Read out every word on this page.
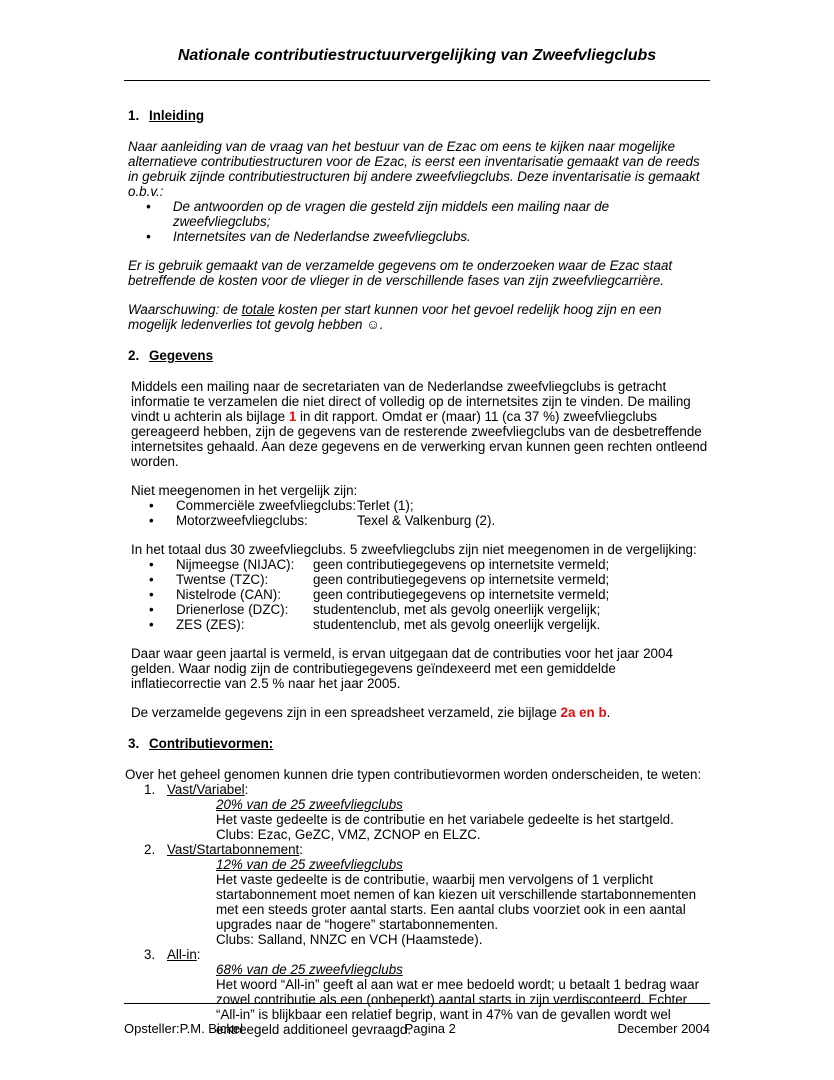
Nationale contributiestructuurvergelijking van Zweefvliegclubs
1. Inleiding

Naar aanleiding van de vraag van het bestuur van de Ezac om eens te kijken naar mogelijke alternatieve contributiestructuren voor de Ezac, is eerst een inventarisatie gemaakt van de reeds in gebruik zijnde contributiestructuren bij andere zweefvliegclubs. Deze inventarisatie is gemaakt o.b.v.:

•	De antwoorden op de vragen die gesteld zijn middels een mailing naar de zweefvliegclubs;
•	Internetsites van de Nederlandse zweefvliegclubs.

Er is gebruik gemaakt van de verzamelde gegevens om te onderzoeken waar de Ezac staat betreffende de kosten voor de vlieger in de verschillende fases van zijn zweefvliegcarrière.

Waarschuwing: de totale kosten per start kunnen voor het gevoel redelijk hoog zijn en een mogelijk ledenverlies tot gevolg hebben ☺.

2. Gegevens

Middels een mailing naar de secretariaten van de Nederlandse zweefvliegclubs is getracht informatie te verzamelen die niet direct of volledig op de internetsites zijn te vinden. De mailing vindt u achterin als bijlage 1 in dit rapport. Omdat er (maar) 11 (ca 37 %) zweefvliegclubs gereageerd hebben, zijn de gegevens van de resterende zweefvliegclubs van de desbetreffende internetsites gehaald. Aan deze gegevens en de verwerking ervan kunnen geen rechten ontleend worden.

Niet meegenomen in het vergelijk zijn:

•	Commerciële zweefvliegclubs: Terlet (1);
•	Motorzweefvliegclubs:	Texel & Valkenburg (2).

In het totaal dus 30 zweefvliegclubs. 5 zweefvliegclubs zijn niet meegenomen in de vergelijking:

•	Nijmeegse (NIJAC):	geen contributiegegevens op internetsite vermeld;
•	Twentse (TZC):	geen contributiegegevens op internetsite vermeld;
•	Nistelrode (CAN):	geen contributiegegevens op internetsite vermeld;
•	Drienerlose (DZC):	studentenclub, met als gevolg oneerlijk vergelijk;
•	ZES (ZES):	studentenclub, met als gevolg oneerlijk vergelijk.

Daar waar geen jaartal is vermeld, is ervan uitgegaan dat de contributies voor het jaar 2004 gelden. Waar nodig zijn de contributiegegevens geïndexeerd met een gemiddelde inflatiecorrectie van 2.5 % naar het jaar 2005.

De verzamelde gegevens zijn in een spreadsheet verzameld, zie bijlage 2a en b.

3. Contributievormen:

Over het geheel genomen kunnen drie typen contributievormen worden onderscheiden, te weten:

1. Vast/Variabel:

20% van de 25 zweefvliegclubs

Het vaste gedeelte is de contributie en het variabele gedeelte is het startgeld.

Clubs: Ezac, GeZC, VMZ, ZCNOP en ELZC.

2. Vast/Startabonnement:

12% van de 25 zweefvliegclubs

Het vaste gedeelte is de contributie, waarbij men vervolgens of 1 verplicht startabonnement moet nemen of kan kiezen uit verschillende startabonnementen met een steeds groter aantal starts. Een aantal clubs voorziet ook in een aantal upgrades naar de “hogere” startabonnementen.

Clubs: Salland, NNZC en VCH (Haamstede).

3. All-in:

68% van de 25 zweefvliegclubs

Het woord “All-in” geeft al aan wat er mee bedoeld wordt; u betaalt 1 bedrag waar zowel contributie als een (onbeperkt) aantal starts in zijn verdisconteerd. Echter “All-in” is blijkbaar een relatief begrip, want in 47% van de gevallen wordt wel entreegeld additioneel gevraagd.

Opsteller:P.M. Bickel	Pagina 2	December 2004
